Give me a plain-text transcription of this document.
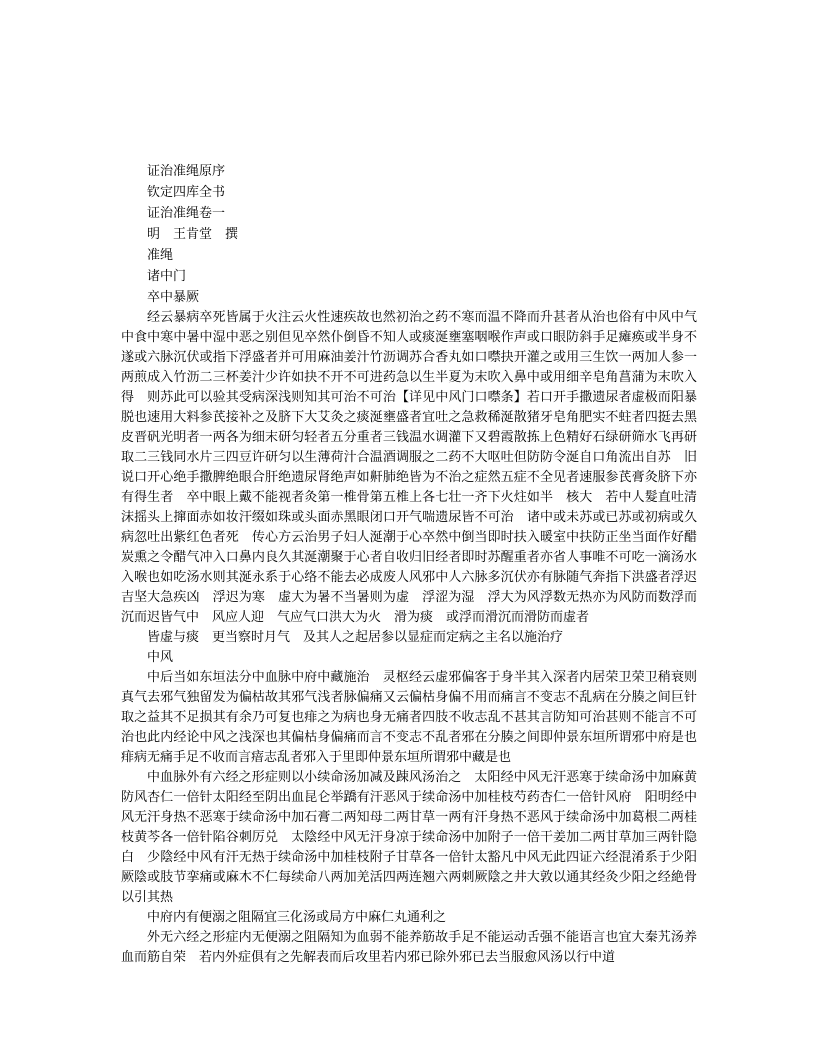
证治准绳原序
钦定四库全书
证治准绳卷一
明　王肯堂　撰
准绳
诸中门
卒中暴厥

经云暴病卒死皆属于火注云火性速疾故也然初治之药不寒而温不降而升甚者从治也俗有中风中气中食中寒中暑中湿中恶之别但见卒然仆倒昏不知人或痰涎壅塞咽喉作声或口眼防斜手足瘫痪或半身不遂或六脉沉伏或指下浮盛者并可用麻油姜汁竹沥调苏合香丸如口噤抉开灌之或用三生饮一两加人参一两煎成入竹沥二三杯姜汁少许如抉不开不可进药急以生半夏为末吹入鼻中或用细辛皂角菖蒲为末吹入得　则苏此可以验其受病深浅则知其可治不可治【详见中风门口噤条】若口开手撒遗尿者虚极而阳暴脱也速用大料参芪接补之及脐下大艾灸之痰涎壅盛者宜吐之急救稀涎散猪牙皂角肥实不蛀者四挺去黑皮晋矾光明者一两各为细末研匀轻者五分重者三钱温水调灌下又碧霞散拣上色精好石绿研筛水飞再研取二三钱同水片三四豆许研匀以生薄荷汁合温酒调服之二药不大呕吐但防防令涎自口角流出自苏　旧说口开心绝手撒脾绝眼合肝绝遗尿肾绝声如鼾肺绝皆为不治之症然五症不全见者速服参芪膏灸脐下亦有得生者　卒中眼上戴不能视者灸第一椎骨第五椎上各七壮一齐下火炷如半　核大　若中人髮直吐清沫摇头上撺面赤如妆汗缀如珠或头面赤黑眼闭口开气喘遗尿皆不可治　诸中或未苏或已苏或初病或久病忽吐出紫红色者死　传心方云治男子妇人涎潮于心卒然中倒当即时扶入暖室中扶防正坐当面作好醋炭熏之令醋气冲入口鼻内良久其涎潮聚于心者自收归旧经者即时苏醒重者亦省人事唯不可吃一滴汤水入喉也如吃汤水则其涎永系于心络不能去必成废人风邪中人六脉多沉伏亦有脉随气奔指下洪盛者浮迟吉坚大急疾凶　浮迟为寒　虚大为暑不当暑则为虚　浮涩为湿　浮大为风浮数无热亦为风防而数浮而　沉而迟皆气中　风应人迎　气应气口洪大为火　滑为痰　或浮而滑沉而滑防而虚者

皆虚与痰　更当察时月气　及其人之起居参以显症而定病之主名以施治疗

中风

中后当如东垣法分中血脉中府中藏施治　灵枢经云虚邪偏客于身半其入深者内居荣卫荣卫稍衰则真气去邪气独留发为偏枯故其邪气浅者脉偏痛又云偏枯身偏不用而痛言不变志不乱病在分腠之间巨针取之益其不足损其有余乃可复也痱之为病也身无痛者四肢不收志乱不甚其言防知可治甚则不能言不可治也此内经论中风之浅深也其偏枯身偏痛而言不变志不乱者邪在分腠之间即仲景东垣所谓邪中府是也痱病无痛手足不收而言瘖志乱者邪入于里即仲景东垣所谓邪中藏是也

中血脉外有六经之形症则以小续命汤加减及踈风汤治之　太阳经中风无汗恶寒于续命汤中加麻黄防风杏仁一倍针太阳经至阴出血昆仑举蹻有汗恶风于续命汤中加桂枝芍药杏仁一倍针风府　阳明经中风无汗身热不恶寒于续命汤中加石膏二两知母二两甘草一两有汗身热不恶风于续命汤中加葛根二两桂枝黄芩各一倍针陷谷刺厉兑　太陰经中风无汗身凉于续命汤中加附子一倍干姜加二两甘草加三两针隐白　少陰经中风有汗无热于续命汤中加桂枝附子甘草各一倍针太豁凡中风无此四证六经混淆系于少阳厥陰或肢节挛痛或麻木不仁每续命八两加羌活四两连翘六两刺厥陰之井大敦以通其经灸少阳之经絶骨以引其热

中府内有便溺之阻隔宜三化汤或局方中麻仁丸通利之

外无六经之形症内无便溺之阻隔知为血弱不能养筋故手足不能运动舌强不能语言也宜大秦艽汤养血而筋自荣　若内外症俱有之先解表而后攻里若内邪已除外邪已去当服愈风汤以行中道
